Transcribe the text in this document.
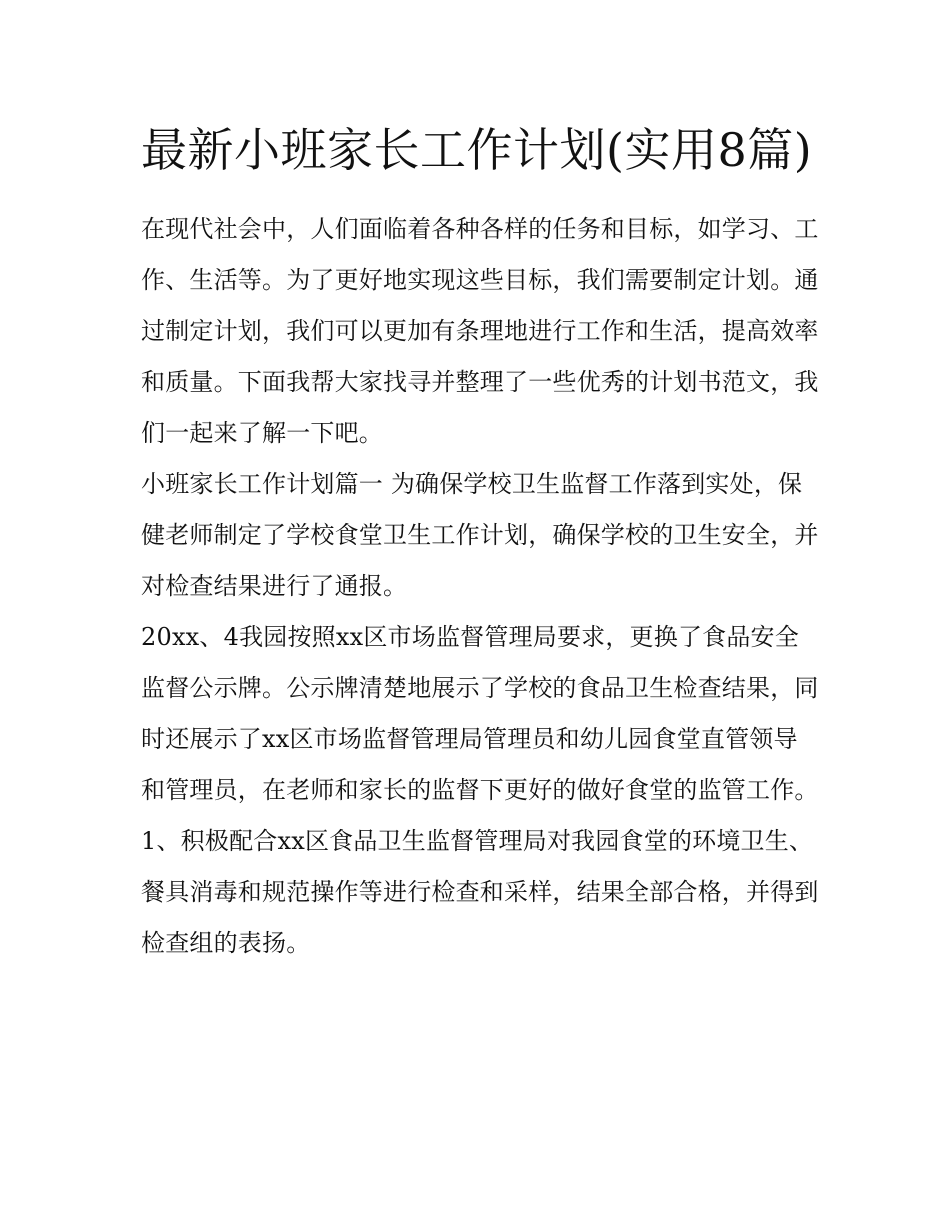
最新小班家长工作计划(实用8篇)

在现代社会中，人们面临着各种各样的任务和目标，如学习、工作、生活等。为了更好地实现这些目标，我们需要制定计划。通过制定计划，我们可以更加有条理地进行工作和生活，提高效率和质量。下面我帮大家找寻并整理了一些优秀的计划书范文，我们一起来了解一下吧。

小班家长工作计划篇一 为确保学校卫生监督工作落到实处，保健老师制定了学校食堂卫生工作计划，确保学校的卫生安全，并对检查结果进行了通报。

20xx、4我园按照xx区市场监督管理局要求，更换了食品安全监督公示牌。公示牌清楚地展示了学校的食品卫生检查结果，同时还展示了xx区市场监督管理局管理员和幼儿园食堂直管领导和管理员，在老师和家长的监督下更好的做好食堂的监管工作。

1、积极配合xx区食品卫生监督管理局对我园食堂的环境卫生、餐具消毒和规范操作等进行检查和采样，结果全部合格，并得到检查组的表扬。
